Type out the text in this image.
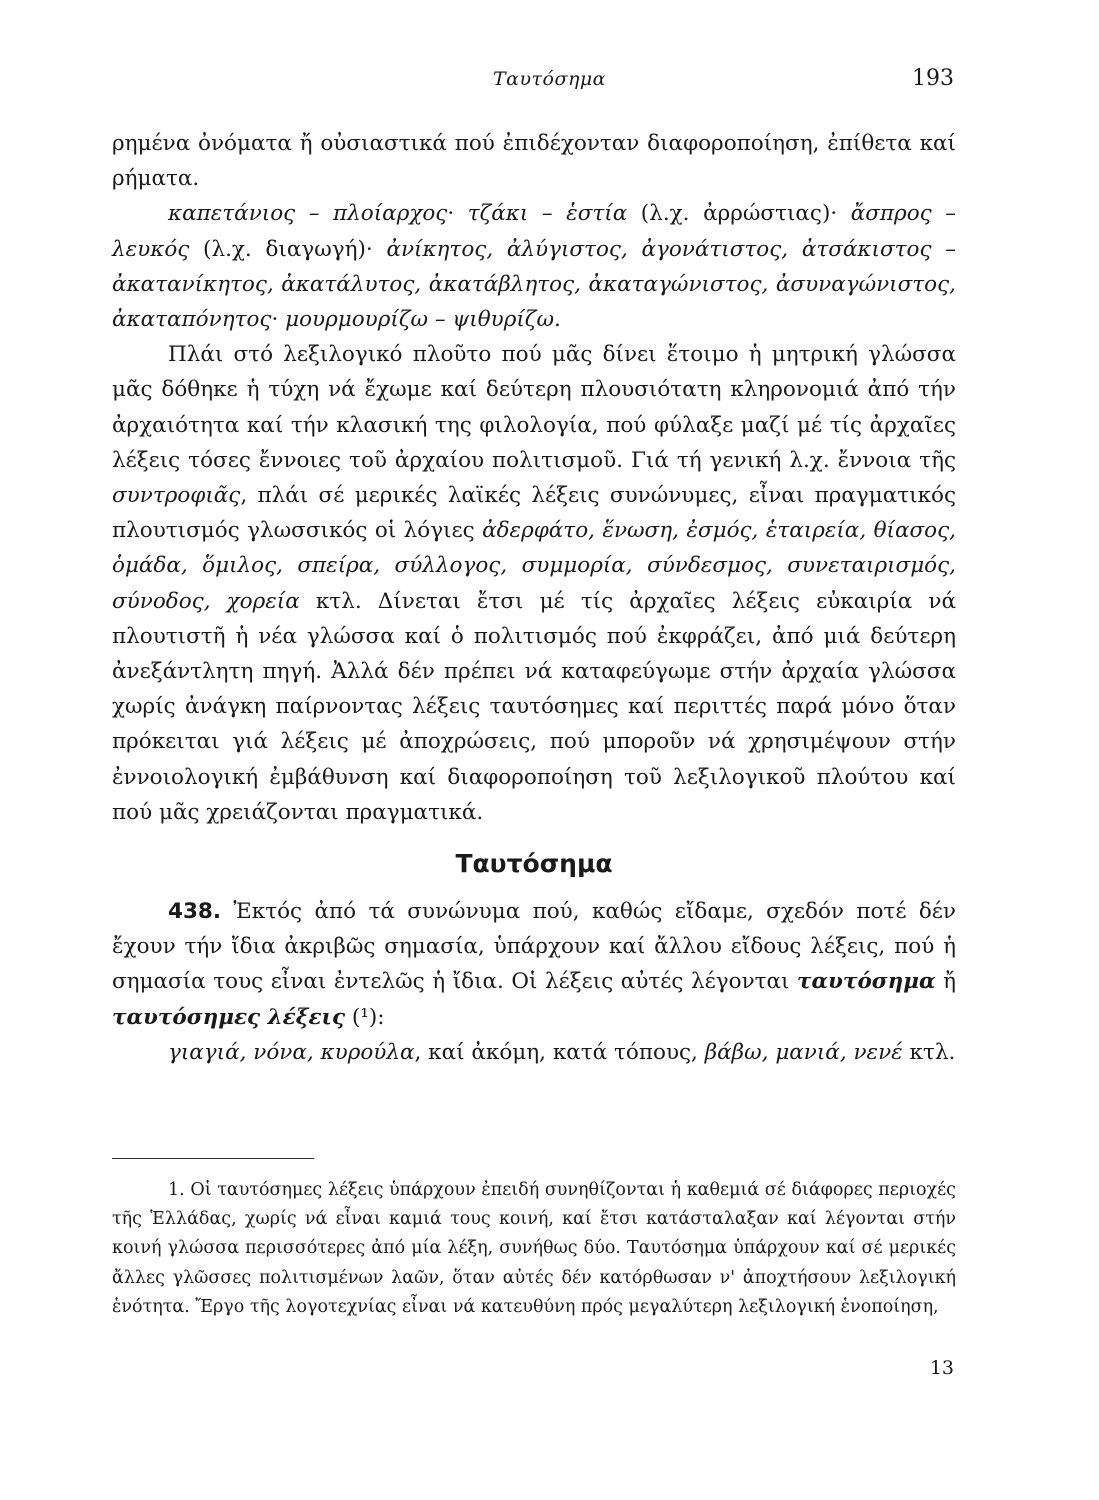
Ταυτόσημα	193

ρημένα ὀνόματα ἤ οὐσιαστικά πού ἐπιδέχονταν διαφοροποίηση, ἐπίθετα καί ρήματα.

καπετάνιος – πλοίαρχος· τζάκι – ἑστία (λ.χ. ἀρρώστιας)· ἄσπρος – λευκός (λ.χ. διαγωγή)· ἀνίκητος, ἀλύγιστος, ἀγονάτιστος, ἀτσάκιστος – ἀκατανίκητος, ἀκατάλυτος, ἀκατάβλητος, ἀκαταγώνιστος, ἀσυναγώνιστος, ἀκαταπόνητος· μουρμουρίζω – ψιθυρίζω.

Πλάι στό λεξιλογικό πλοῦτο πού μᾶς δίνει ἕτοιμο ἡ μητρική γλώσσα μᾶς δόθηκε ἡ τύχη νά ἔχωμε καί δεύτερη πλουσιότατη κληρονομιά ἀπό τήν ἀρχαιότητα καί τήν κλασική της φιλολογία, πού φύλαξε μαζί μέ τίς ἀρχαῖες λέξεις τόσες ἔννοιες τοῦ ἀρχαίου πολιτισμοῦ. Γιά τή γενική λ.χ. ἔννοια τῆς συντροφιᾶς, πλάι σέ μερικές λαϊκές λέξεις συνώνυμες, εἶναι πραγματικός πλουτισμός γλωσσικός οἱ λόγιες ἀδερφάτο, ἕνωση, ἐσμός, ἑταιρεία, θίασος, ὁμάδα, ὅμιλος, σπείρα, σύλλογος, συμμορία, σύνδεσμος, συνεταιρισμός, σύνοδος, χορεία κτλ. Δίνεται ἔτσι μέ τίς ἀρχαῖες λέξεις εὐκαιρία νά πλουτιστῆ ἡ νέα γλώσσα καί ὁ πολιτισμός πού ἐκφράζει, ἀπό μιά δεύτερη ἀνεξάντλητη πηγή. Ἀλλά δέν πρέπει νά καταφεύγωμε στήν ἀρχαία γλώσσα χωρίς ἀνάγκη παίρνοντας λέξεις ταυτόσημες καί περιττές παρά μόνο ὅταν πρόκειται γιά λέξεις μέ ἀποχρώσεις, πού μποροῦν νά χρησιμέψουν στήν ἐννοιολογική ἐμβάθυνση καί διαφοροποίηση τοῦ λεξιλογικοῦ πλούτου καί πού μᾶς χρειάζονται πραγματικά.

Ταυτόσημα

438. Ἐκτός ἀπό τά συνώνυμα πού, καθώς εἴδαμε, σχεδόν ποτέ δέν ἔχουν τήν ἴδια ἀκριβῶς σημασία, ὑπάρχουν καί ἄλλου εἴδους λέξεις, πού ἡ σημασία τους εἶναι ἐντελῶς ἡ ἴδια. Οἱ λέξεις αὐτές λέγονται ταυτόσημα ἤ ταυτόσημες λέξεις (¹):

γιαγιά, νόνα, κυρούλα, καί ἀκόμη, κατά τόπους, βάβω, μανιά, νενέ κτλ.

1. Οἱ ταυτόσημες λέξεις ὑπάρχουν ἐπειδή συνηθίζονται ἡ καθεμιά σέ διάφορες περιοχές τῆς Ἑλλάδας, χωρίς νά εἶναι καμιά τους κοινή, καί ἔτσι κατάσταλαξαν καί λέγονται στήν κοινή γλώσσα περισσότερες ἀπό μία λέξη, συνήθως δύο. Ταυτόσημα ὑπάρχουν καί σέ μερικές ἄλλες γλῶσσες πολιτισμένων λαῶν, ὅταν αὐτές δέν κατόρθωσαν ν' ἀποχτήσουν λεξιλογική ἑνότητα. Ἔργο τῆς λογοτεχνίας εἶναι νά κατευθύνη πρός μεγαλύτερη λεξιλογική ἑνοποίηση,

13
